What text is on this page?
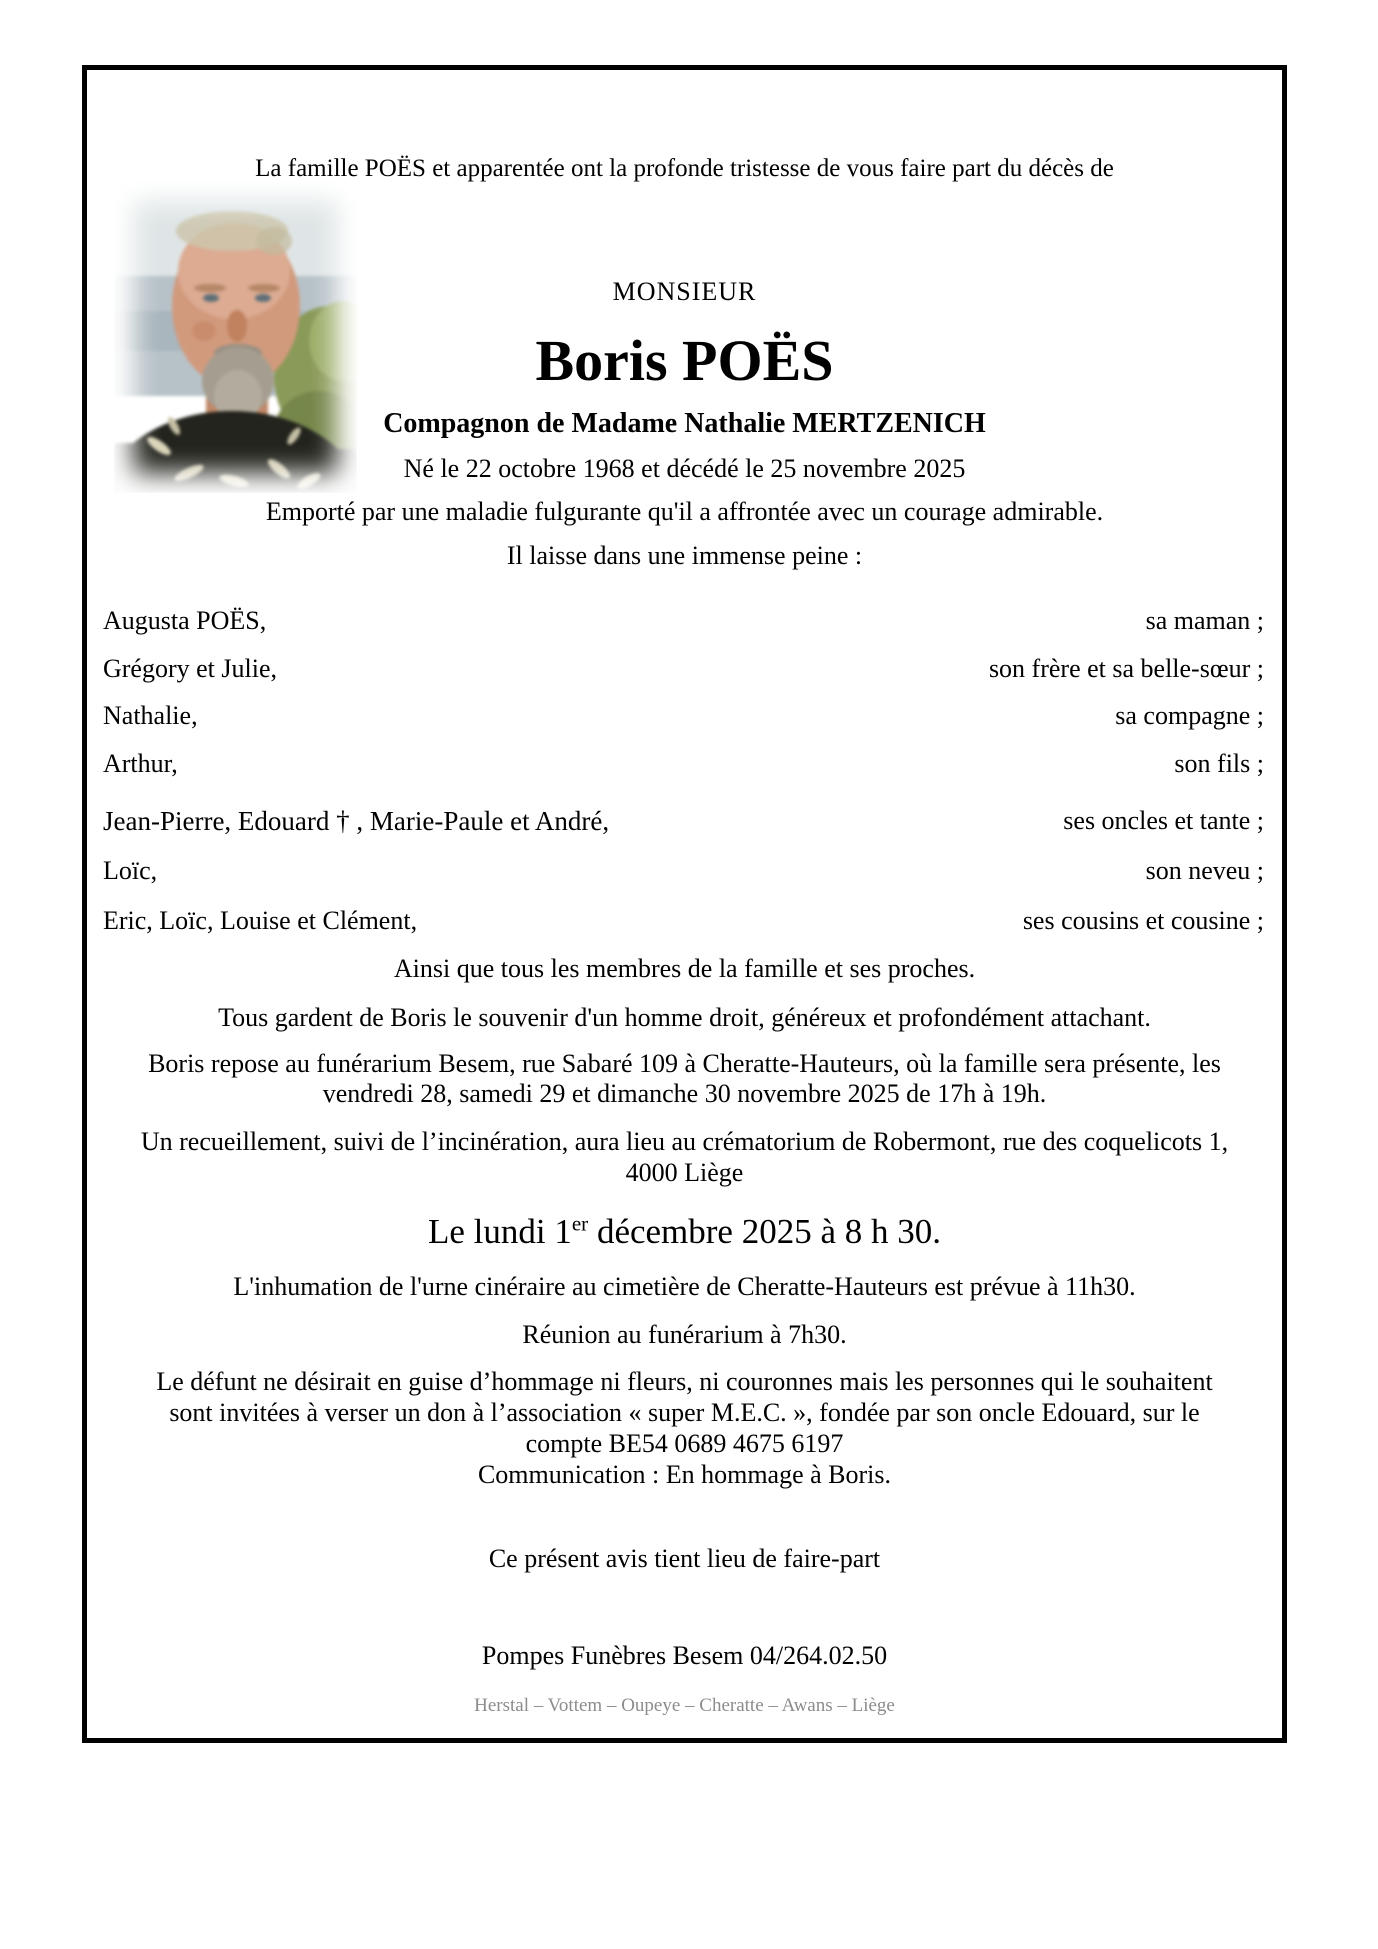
La famille POËS et apparentée ont la profonde tristesse de vous faire part du décès de
MONSIEUR
Boris POËS
Compagnon de Madame Nathalie MERTZENICH
Né le 22 octobre 1968 et décédé le 25 novembre 2025
Emporté par une maladie fulgurante qu'il a affrontée avec un courage admirable.
Il laisse dans une immense peine :
Augusta POËS,	sa maman ;
Grégory et Julie,	son frère et sa belle-sœur ;
Nathalie,	sa compagne ;
Arthur,	son fils ;
Jean-Pierre, Edouard † , Marie-Paule et André,	ses oncles et tante ;
Loïc,	son neveu ;
Eric, Loïc, Louise et Clément,	ses cousins et cousine ;
Ainsi que tous les membres de la famille et ses proches.
Tous gardent de Boris le souvenir d'un homme droit, généreux et profondément attachant.
Boris repose au funérarium Besem, rue Sabaré 109 à Cheratte-Hauteurs, où la famille sera présente, les
vendredi 28, samedi 29 et dimanche 30 novembre 2025 de 17h à 19h.
Un recueillement, suivi de l’incinération, aura lieu au crématorium de Robermont, rue des coquelicots 1,
4000 Liège
Le lundi 1er décembre 2025 à 8 h 30.
L'inhumation de l'urne cinéraire au cimetière de Cheratte-Hauteurs est prévue à 11h30.
Réunion au funérarium à 7h30.
Le défunt ne désirait en guise d’hommage ni fleurs, ni couronnes mais les personnes qui le souhaitent
sont invitées à verser un don à l’association « super M.E.C. », fondée par son oncle Edouard, sur le
compte BE54 0689 4675 6197
Communication : En hommage à Boris.
Ce présent avis tient lieu de faire-part
Pompes Funèbres Besem 04/264.02.50
Herstal – Vottem – Oupeye – Cheratte – Awans – Liège
